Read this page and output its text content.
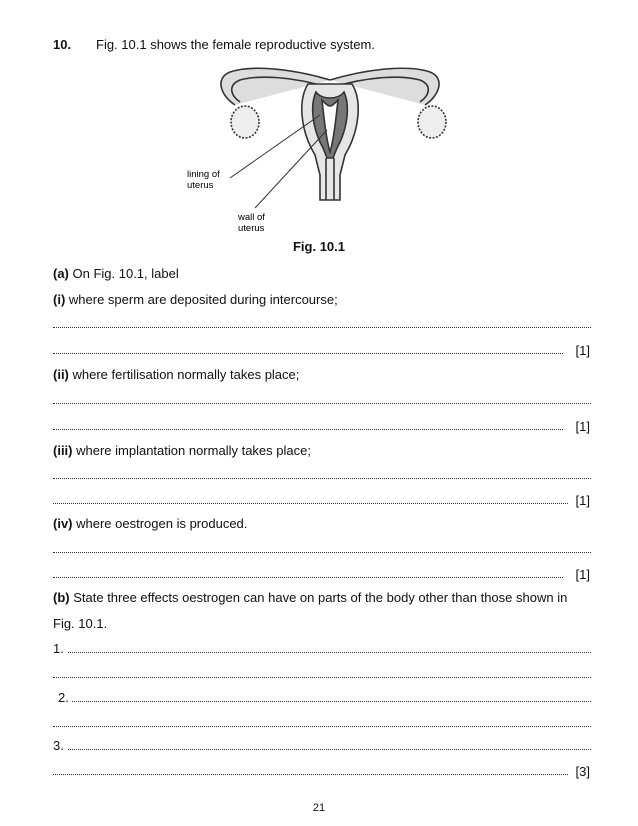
10. Fig. 10.1 shows the female reproductive system.
lining of
uterus
wall of
uterus
Fig. 10.1
(a) On Fig. 10.1, label
(i) where sperm are deposited during intercourse;
[1]
(ii) where fertilisation normally takes place;
[1]
(iii) where implantation normally takes place;
[1]
(iv) where oestrogen is produced.
[1]
(b) State three effects oestrogen can have on parts of the body other than those shown in
Fig. 10.1.
1.
2.
3.
[3]
21
